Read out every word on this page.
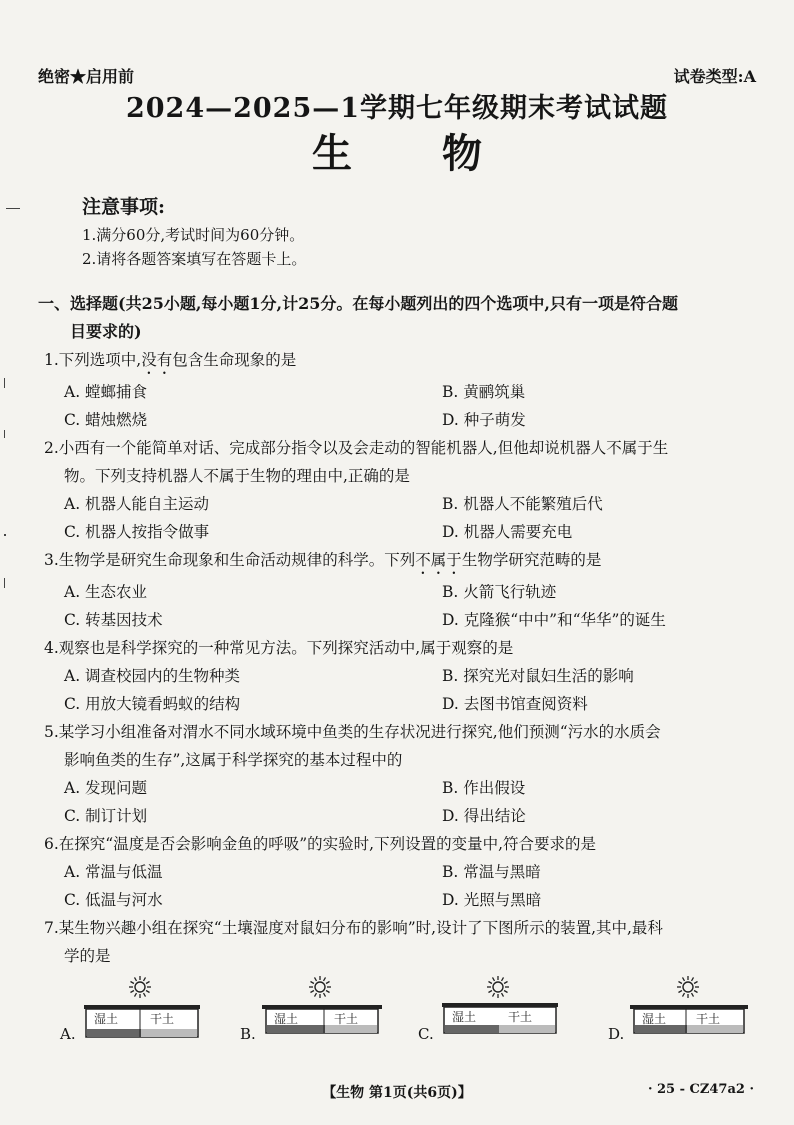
绝密★启用前	试卷类型:A
2024—2025—1学期七年级期末考试试题
生物
注意事项:
1.满分60分,考试时间为60分钟。
2.请将各题答案填写在答题卡上。
一、选择题(共25小题,每小题1分,计25分。在每小题列出的四个选项中,只有一项是符合题
目要求的)
1.下列选项中,没有包含生命现象的是
A. 螳螂捕食	B. 黄鹂筑巢
C. 蜡烛燃烧	D. 种子萌发
2.小西有一个能简单对话、完成部分指令以及会走动的智能机器人,但他却说机器人不属于生
物。下列支持机器人不属于生物的理由中,正确的是
A. 机器人能自主运动	B. 机器人不能繁殖后代
C. 机器人按指令做事	D. 机器人需要充电
3.生物学是研究生命现象和生命活动规律的科学。下列不属于生物学研究范畴的是
A. 生态农业	B. 火箭飞行轨迹
C. 转基因技术	D. 克隆猴“中中”和“华华”的诞生
4.观察也是科学探究的一种常见方法。下列探究活动中,属于观察的是
A. 调查校园内的生物种类	B. 探究光对鼠妇生活的影响
C. 用放大镜看蚂蚁的结构	D. 去图书馆查阅资料
5.某学习小组准备对渭水不同水域环境中鱼类的生存状况进行探究,他们预测“污水的水质会
影响鱼类的生存”,这属于科学探究的基本过程中的
A. 发现问题	B. 作出假设
C. 制订计划	D. 得出结论
6.在探究“温度是否会影响金鱼的呼吸”的实验时,下列设置的变量中,符合要求的是
A. 常温与低温	B. 常温与黑暗
C. 低温与河水	D. 光照与黑暗
7.某生物兴趣小组在探究“土壤湿度对鼠妇分布的影响”时,设计了下图所示的装置,其中,最科
学的是
A.
湿土	干土
B.
湿土	干土
C.
湿土	干土
D.
湿土 干土
【生物 第1页(共6页)】	· 25 - CZ47a2 ·
